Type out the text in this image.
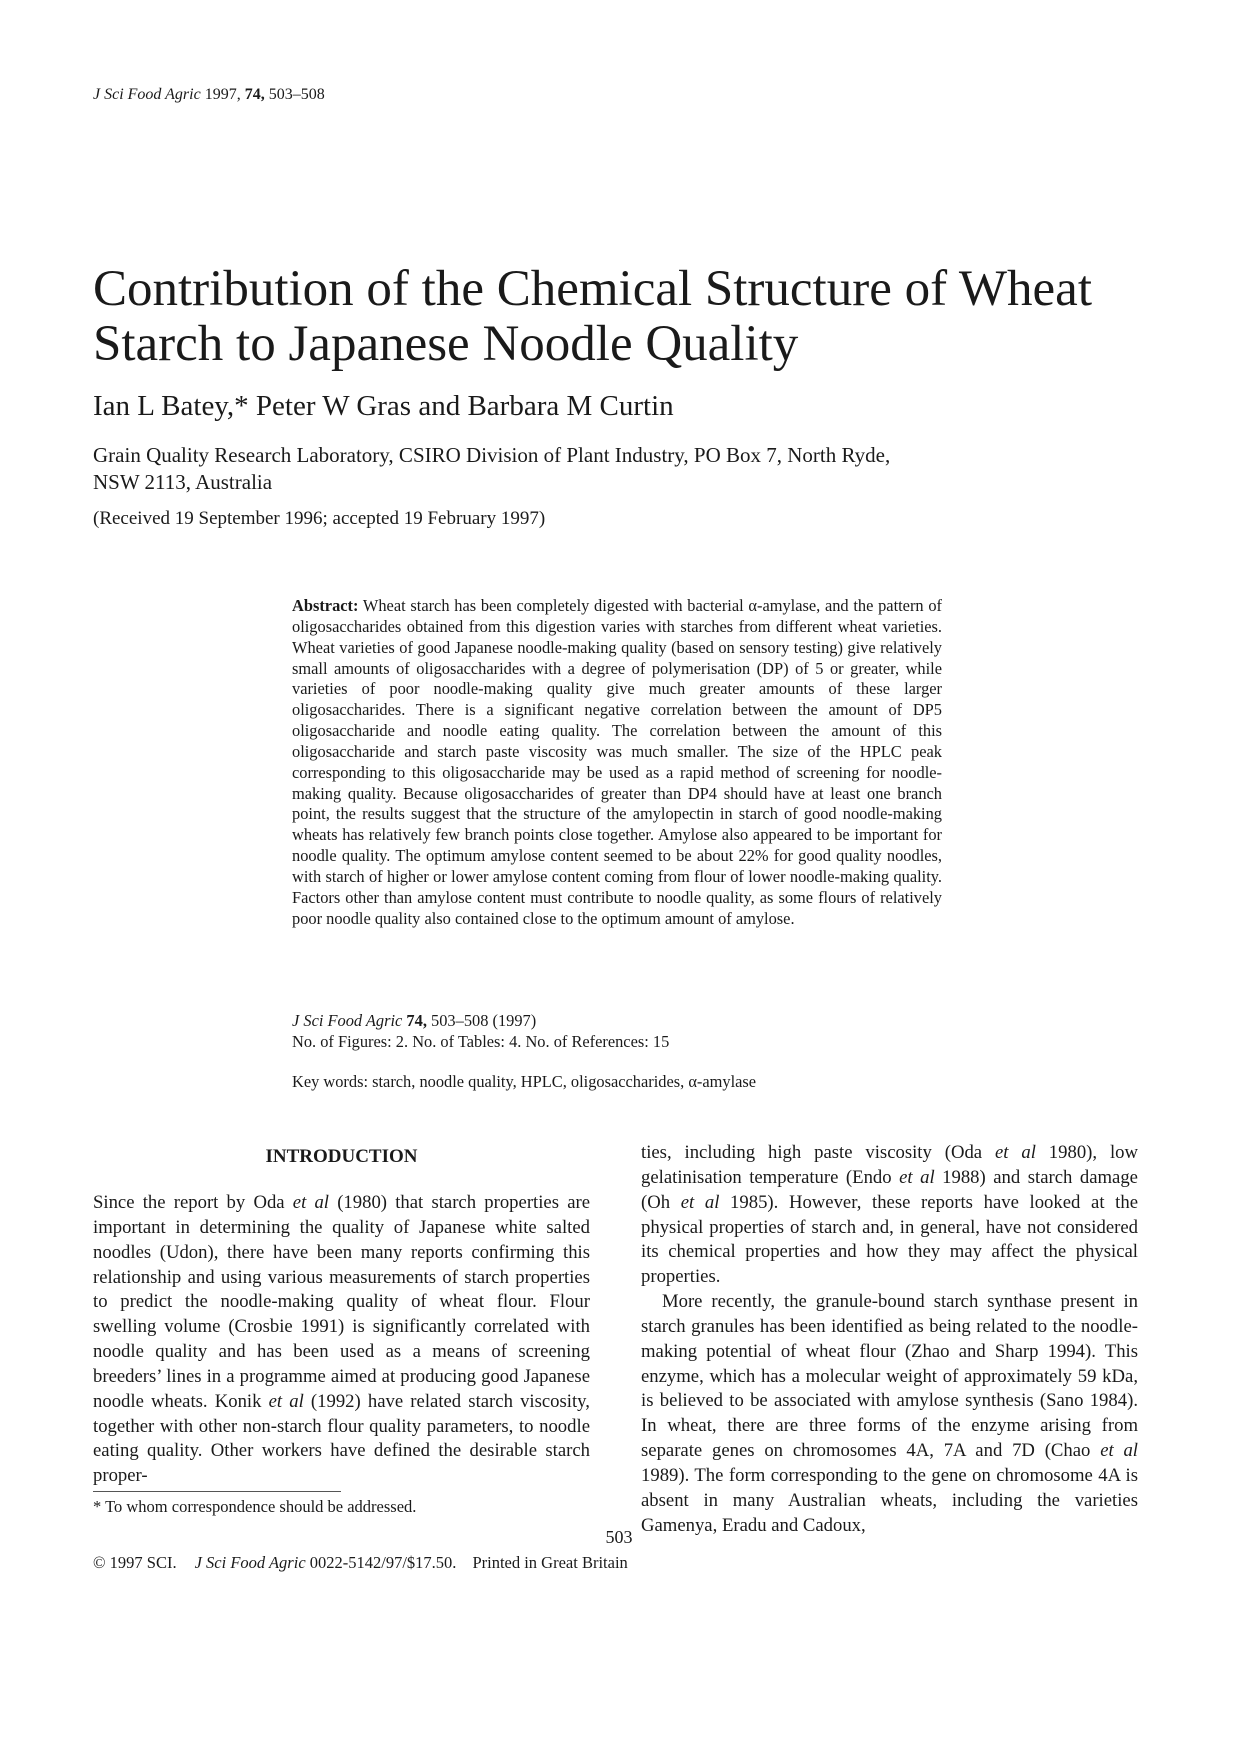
J Sci Food Agric 1997, 74, 503–508
Contribution of the Chemical Structure of Wheat
Starch to Japanese Noodle Quality
Ian L Batey,* Peter W Gras and Barbara M Curtin
Grain Quality Research Laboratory, CSIRO Division of Plant Industry, PO Box 7, North Ryde,
NSW 2113, Australia
(Received 19 September 1996; accepted 19 February 1997)

Abstract: Wheat starch has been completely digested with bacterial α-amylase, and the pattern of oligosaccharides obtained from this digestion varies with starches from different wheat varieties. Wheat varieties of good Japanese noodle-making quality (based on sensory testing) give relatively small amounts of oligosaccharides with a degree of polymerisation (DP) of 5 or greater, while varieties of poor noodle-making quality give much greater amounts of these larger oligosaccharides. There is a significant negative correlation between the amount of DP5 oligosaccharide and noodle eating quality. The correlation between the amount of this oligosaccharide and starch paste viscosity was much smaller. The size of the HPLC peak corresponding to this oligosaccharide may be used as a rapid method of screening for noodle-making quality. Because oligosaccharides of greater than DP4 should have at least one branch point, the results suggest that the structure of the amylopectin in starch of good noodle-making wheats has relatively few branch points close together. Amylose also appeared to be important for noodle quality. The optimum amylose content seemed to be about 22% for good quality noodles, with starch of higher or lower amylose content coming from flour of lower noodle-making quality. Factors other than amylose content must contribute to noodle quality, as some flours of relatively poor noodle quality also contained close to the optimum amount of amylose.

J Sci Food Agric 74, 503–508 (1997)
No. of Figures: 2. No. of Tables: 4. No. of References: 15
Key words: starch, noodle quality, HPLC, oligosaccharides, α-amylase
INTRODUCTION

Since the report by Oda et al (1980) that starch properties are important in determining the quality of Japanese white salted noodles (Udon), there have been many reports confirming this relationship and using various measurements of starch properties to predict the noodle-making quality of wheat flour. Flour swelling volume (Crosbie 1991) is significantly correlated with noodle quality and has been used as a means of screening breeders’ lines in a programme aimed at producing good Japanese noodle wheats. Konik et al (1992) have related starch viscosity, together with other non-starch flour quality parameters, to noodle eating quality. Other workers have defined the desirable starch proper-

ties, including high paste viscosity (Oda et al 1980), low gelatinisation temperature (Endo et al 1988) and starch damage (Oh et al 1985). However, these reports have looked at the physical properties of starch and, in general, have not considered its chemical properties and how they may affect the physical properties.

More recently, the granule-bound starch synthase present in starch granules has been identified as being related to the noodle-making potential of wheat flour (Zhao and Sharp 1994). This enzyme, which has a molecular weight of approximately 59 kDa, is believed to be associated with amylose synthesis (Sano 1984). In wheat, there are three forms of the enzyme arising from separate genes on chromosomes 4A, 7A and 7D (Chao et al 1989). The form corresponding to the gene on chromosome 4A is absent in many Australian wheats, including the varieties Gamenya, Eradu and Cadoux,

* To whom correspondence should be addressed.
503
© 1997 SCI. J Sci Food Agric 0022-5142/97/$17.50. Printed in Great Britain
